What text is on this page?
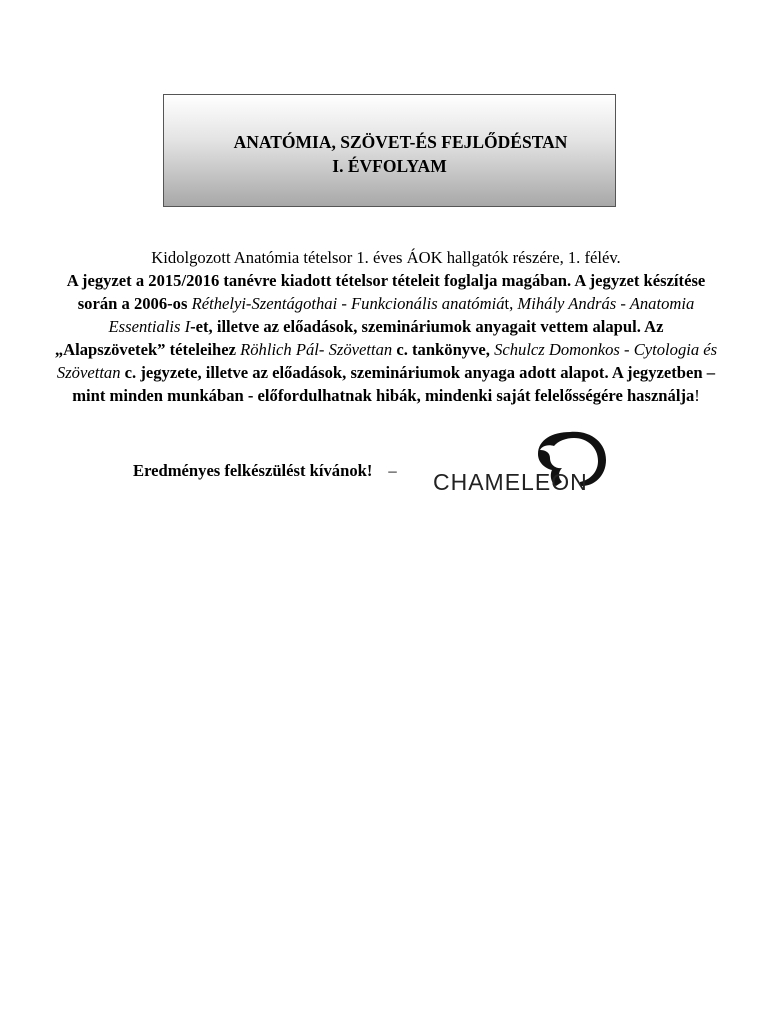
ANATÓMIA, SZÖVET-ÉS FEJLŐDÉSTAN
I. ÉVFOLYAM

Kidolgozott Anatómia tételsor 1. éves ÁOK hallgatók részére, 1. félév.

A jegyzet a 2015/2016 tanévre kiadott tételsor tételeit foglalja magában. A jegyzet készítése során a 2006-os Réthelyi-Szentágothai - Funkcionális anatómiát, Mihály András - Anatomia Essentialis I-et, illetve az előadások, szemináriumok anyagait vettem alapul. Az „Alapszövetek” tételeihez Röhlich Pál- Szövettan c. tankönyve, Schulcz Domonkos - Cytologia és Szövettan c. jegyzete, illetve az előadások, szemináriumok anyaga adott alapot. A jegyzetben – mint minden munkában - előfordulhatnak hibák, mindenki saját felelősségére használja!

Eredményes felkészülést kívánok! – CHAMELEON
